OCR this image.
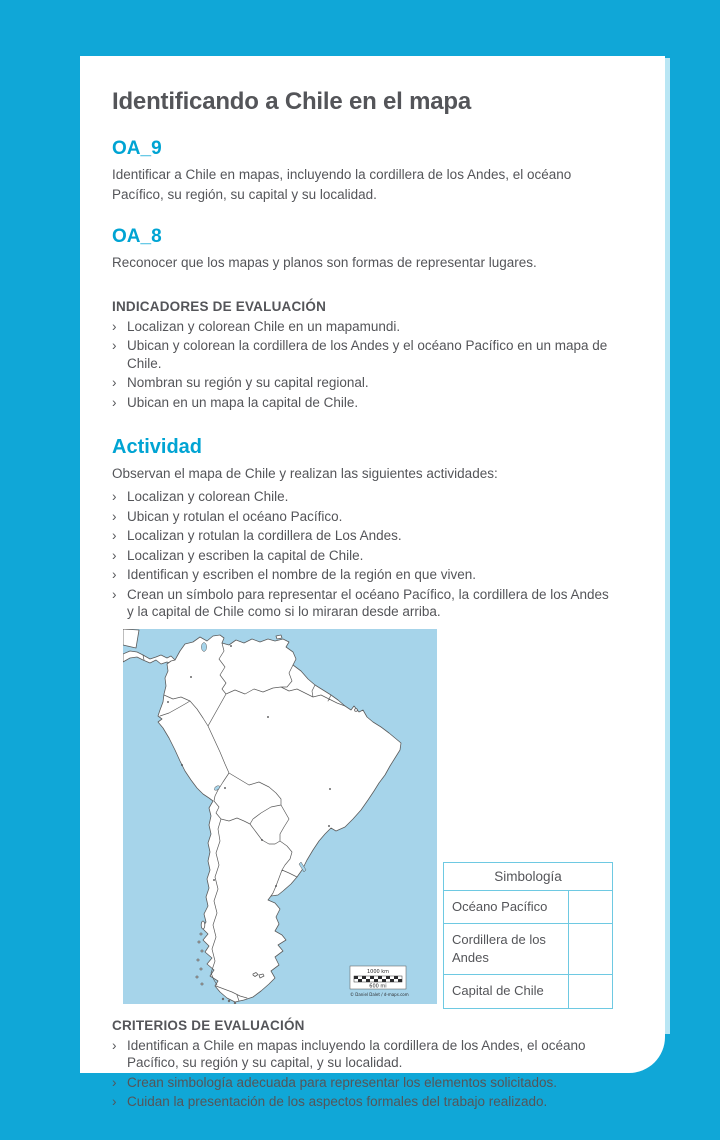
Identificando a Chile en el mapa
OA_9

Identificar a Chile en mapas, incluyendo la cordillera de los Andes, el océano Pacífico, su región, su capital y su localidad.

OA_8

Reconocer que los mapas y planos son formas de representar lugares.

INDICADORES DE EVALUACIÓN
› Localizan y colorean Chile en un mapamundi.
› Ubican y colorean la cordillera de los Andes y el océano Pacífico en un mapa de Chile.
› Nombran su región y su capital regional.
› Ubican en un mapa la capital de Chile.
Actividad

Observan el mapa de Chile y realizan las siguientes actividades:

› Localizan y colorean Chile.
› Ubican y rotulan el océano Pacífico.
› Localizan y rotulan la cordillera de Los Andes.
› Localizan y escriben la capital de Chile.
› Identifican y escriben el nombre de la región en que viven.
› Crean un símbolo para representar el océano Pacífico, la cordillera de los Andes y la capital de Chile como si lo miraran desde arriba.
1000 km
600 mi
© Daniel Dalet / d-maps.com
Simbología	
Océano Pacífico	
Cordillera de los Andes	
Capital de Chile	
CRITERIOS DE EVALUACIÓN
› Identifican a Chile en mapas incluyendo la cordillera de los Andes, el océano Pacífico, su región y su capital, y su localidad.
› Crean simbología adecuada para representar los elementos solicitados.
› Cuidan la presentación de los aspectos formales del trabajo realizado.
